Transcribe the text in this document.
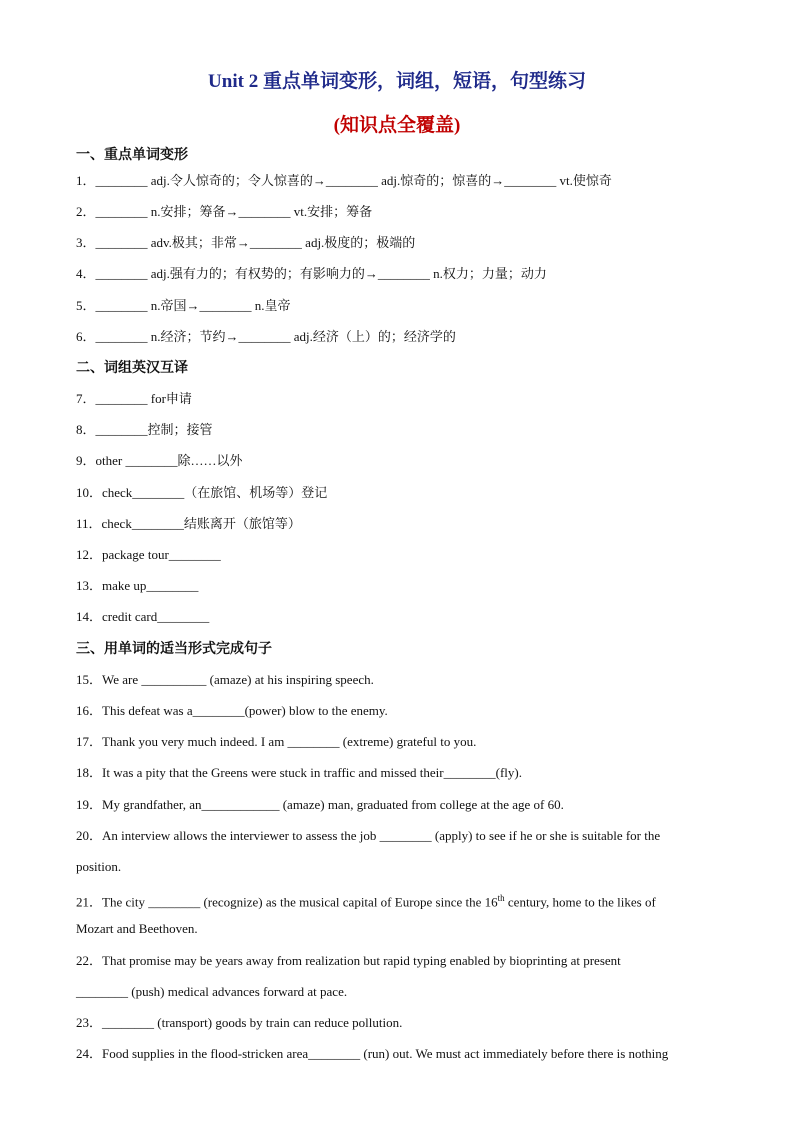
Unit 2 重点单词变形，词组，短语，句型练习
(知识点全覆盖)
一、重点单词变形
1．________ adj.令人惊奇的；令人惊喜的→________ adj.惊奇的；惊喜的→________ vt.使惊奇
2．________ n.安排；筹备→________ vt.安排；筹备
3．________ adv.极其；非常→________ adj.极度的；极端的
4．________ adj.强有力的；有权势的；有影响力的→________ n.权力；力量；动力
5．________ n.帝国→________ n.皇帝
6．________ n.经济；节约→________ adj.经济（上）的；经济学的
二、词组英汉互译
7．________ for申请
8．________控制；接管
9．other ________除……以外
10．check________（在旅馆、机场等）登记
11．check________结账离开（旅馆等）
12．package tour________
13．make up________
14．credit card________
三、用单词的适当形式完成句子
15．We are __________ (amaze) at his inspiring speech.
16．This defeat was a________(power) blow to the enemy.
17．Thank you very much indeed. I am ________ (extreme) grateful to you.
18．It was a pity that the Greens were stuck in traffic and missed their________(fly).
19．My grandfather, an____________ (amaze) man, graduated from college at the age of 60.
20．An interview allows the interviewer to assess the job ________ (apply) to see if he or she is suitable for the
position.
21．The city ________ (recognize) as the musical capital of Europe since the 16th century, home to the likes of
Mozart and Beethoven.
22．That promise may be years away from realization but rapid typing enabled by bioprinting at present
________ (push) medical advances forward at pace.
23．________ (transport) goods by train can reduce pollution.
24．Food supplies in the flood-stricken area________ (run) out. We must act immediately before there is nothing
